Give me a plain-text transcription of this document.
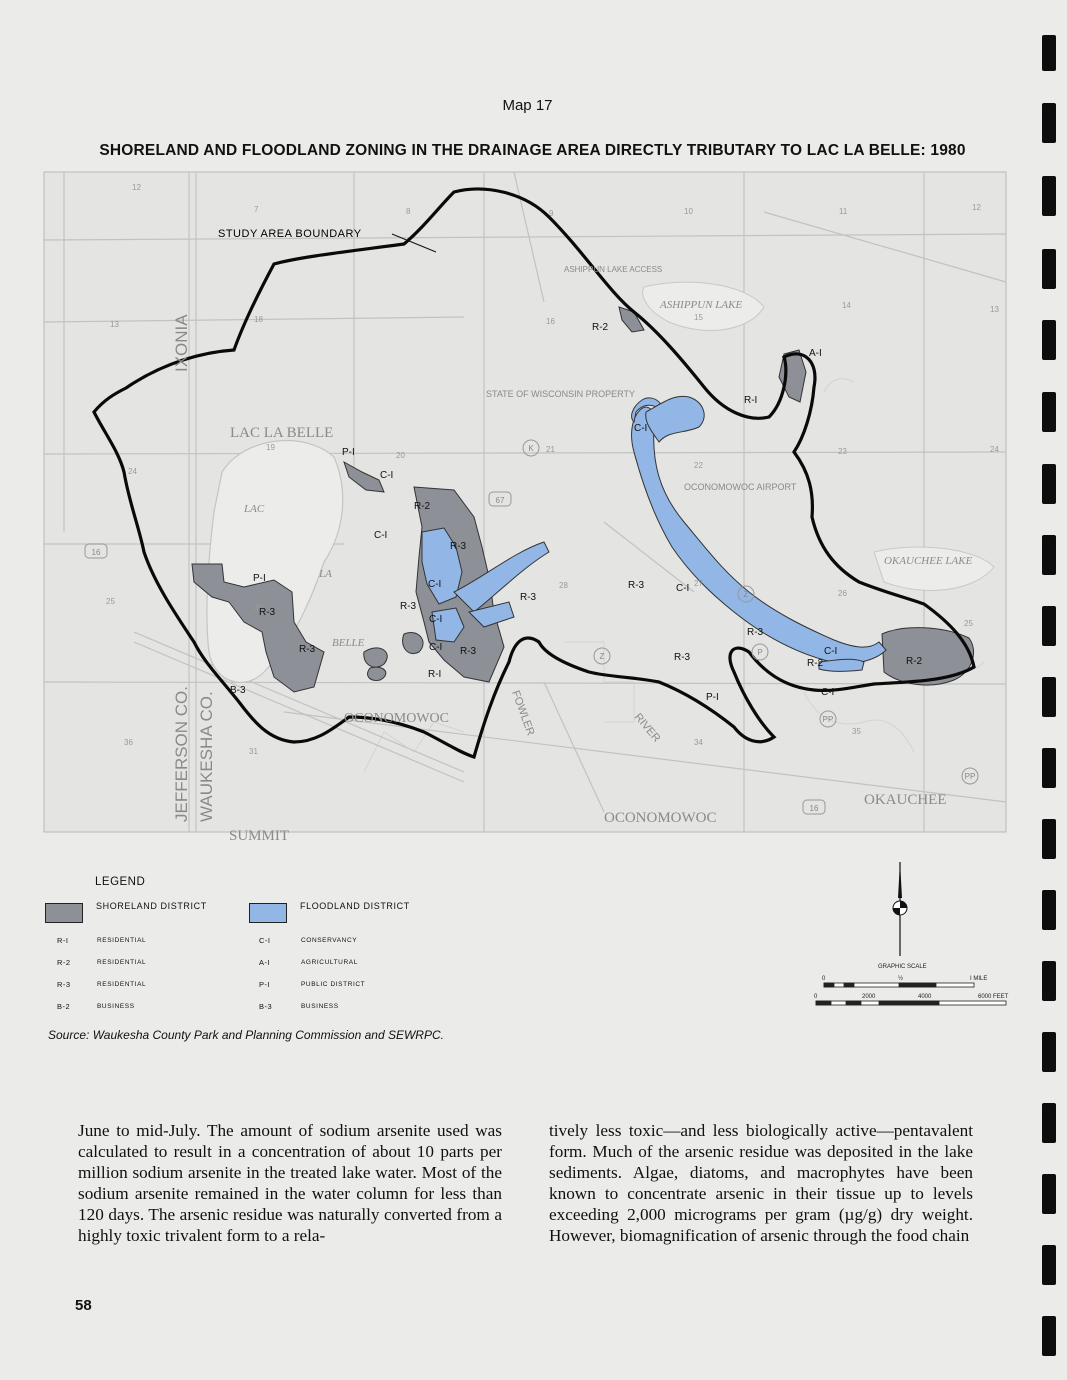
Map 17
SHORELAND AND FLOODLAND ZONING IN THE DRAINAGE AREA DIRECTLY TRIBUTARY TO LAC LA BELLE: 1980
STUDY AREA BOUNDARY
LAC LA BELLE
LAC
LA
BELLE
OCONOMOWOC
ASHIPPUN LAKE
OKAUCHEE LAKE
SUMMIT
STATE OF WISCONSIN PROPERTY
OCONOMOWOC AIRPORT
ASHIPPUN LAKE ACCESS
OKAUCHEE
OCONOMOWOC
JEFFERSON CO. WAUKESHA CO.
IXONIA
FOWLER	RIVER
12
7	8	9	10	11	12
13
18	16	15
14	13
24
19
20
21
22
23	24
25
30
28	27
26
25
36
31
34
35
P-I
C-I
R-2
C-I
R-3
C-I
R-3
C-I
C-I
R-3
R-3
R-I
R-3
R-3
P-I
B-3
R-2
A-I
R-I
C-I
R-3	C-I
R-3
R-3
P-I
C-I
R-2
C-I
R-2
K
67
16
Z	P
Z
PP
PP
16
LEGEND
SHORELAND DISTRICT	FLOODLAND DISTRICT
R-I	RESIDENTIAL
R-2	RESIDENTIAL
R-3	RESIDENTIAL
B-2	BUSINESS
C-I	CONSERVANCY
A-I	AGRICULTURAL
P-I	PUBLIC DISTRICT
B-3	BUSINESS
GRAPHIC SCALE
0	½	I MILE
0	2000	4000	6000 FEET
Source: Waukesha County Park and Planning Commission and SEWRPC.
June to mid-July. The amount of sodium arsenite used was calculated to result in a concentration of about 10 parts per million sodium arsenite in the treated lake water. Most of the sodium arsenite remained in the water column for less than 120 days. The arsenic residue was naturally converted from a highly toxic trivalent form to a rela-
tively less toxic—and less biologically active—pentavalent form. Much of the arsenic residue was deposited in the lake sediments. Algae, diatoms, and macrophytes have been known to concentrate arsenic in their tissue up to levels exceeding 2,000 micrograms per gram (µg/g) dry weight. However, biomagnification of arsenic through the food chain
58
